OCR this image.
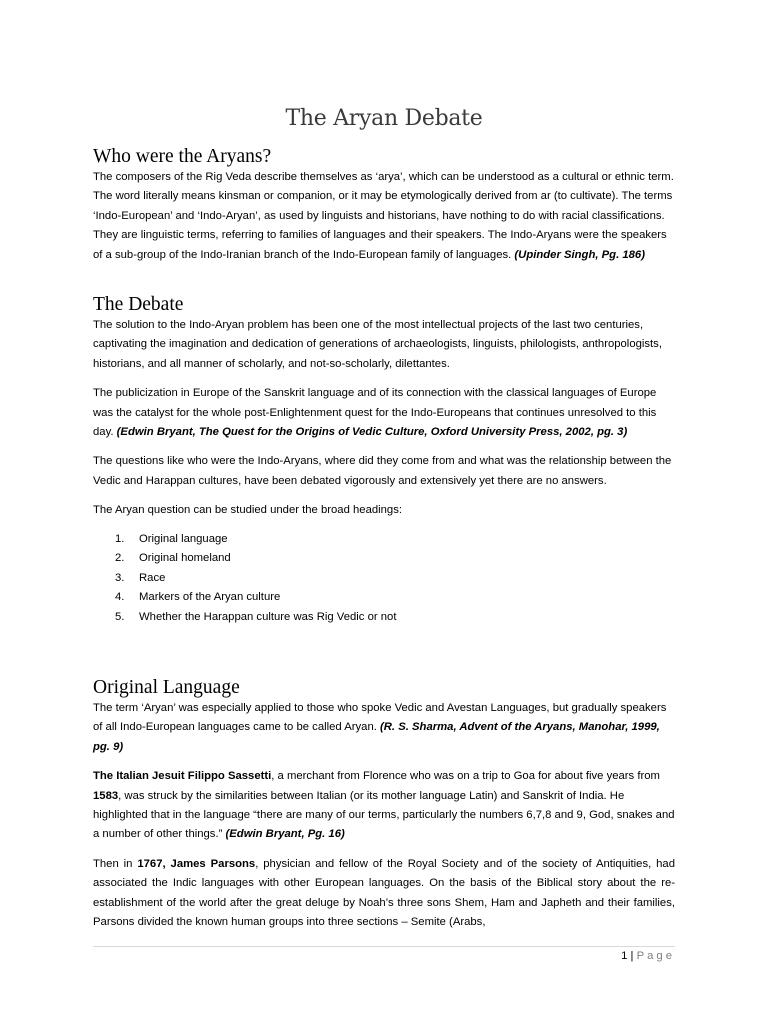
The Aryan Debate
Who were the Aryans?

The composers of the Rig Veda describe themselves as ‘arya’, which can be understood as a cultural or ethnic term. The word literally means kinsman or companion, or it may be etymologically derived from ar (to cultivate). The terms ‘Indo-European’ and ‘Indo-Aryan’, as used by linguists and historians, have nothing to do with racial classifications. They are linguistic terms, referring to families of languages and their speakers. The Indo-Aryans were the speakers of a sub-group of the Indo-Iranian branch of the Indo-European family of languages. (Upinder Singh, Pg. 186)

The Debate

The solution to the Indo-Aryan problem has been one of the most intellectual projects of the last two centuries, captivating the imagination and dedication of generations of archaeologists, linguists, philologists, anthropologists, historians, and all manner of scholarly, and not-so-scholarly, dilettantes.

The publicization in Europe of the Sanskrit language and of its connection with the classical languages of Europe was the catalyst for the whole post-Enlightenment quest for the Indo-Europeans that continues unresolved to this day. (Edwin Bryant, The Quest for the Origins of Vedic Culture, Oxford University Press, 2002, pg. 3)

The questions like who were the Indo-Aryans, where did they come from and what was the relationship between the Vedic and Harappan cultures, have been debated vigorously and extensively yet there are no answers.

The Aryan question can be studied under the broad headings:

1. Original language
2. Original homeland
3. Race
4. Markers of the Aryan culture
5. Whether the Harappan culture was Rig Vedic or not
Original Language

The term ‘Aryan’ was especially applied to those who spoke Vedic and Avestan Languages, but gradually speakers of all Indo-European languages came to be called Aryan. (R. S. Sharma, Advent of the Aryans, Manohar, 1999, pg. 9)

The Italian Jesuit Filippo Sassetti, a merchant from Florence who was on a trip to Goa for about five years from 1583, was struck by the similarities between Italian (or its mother language Latin) and Sanskrit of India. He highlighted that in the language “there are many of our terms, particularly the numbers 6,7,8 and 9, God, snakes and a number of other things.” (Edwin Bryant, Pg. 16)

Then in 1767, James Parsons, physician and fellow of the Royal Society and of the society of Antiquities, had associated the Indic languages with other European languages. On the basis of the Biblical story about the re-establishment of the world after the great deluge by Noah’s three sons Shem, Ham and Japheth and their families, Parsons divided the known human groups into three sections – Semite (Arabs,

1 | Page
